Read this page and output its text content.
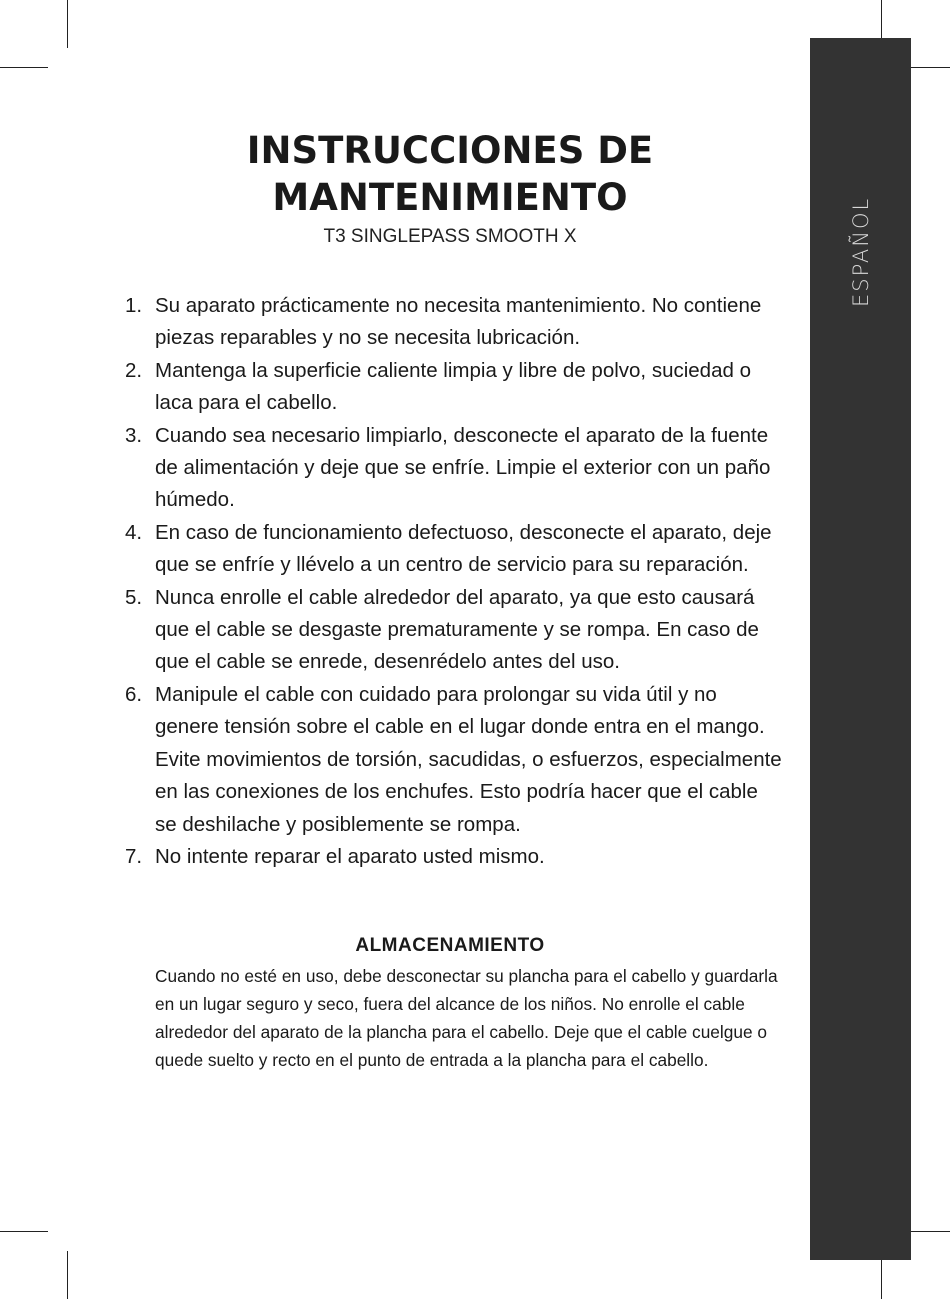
ESPAÑOL
INSTRUCCIONES DE
MANTENIMIENTO
T3 SINGLEPASS SMOOTH X
1. Su aparato prácticamente no necesita mantenimiento. No contiene piezas reparables y no se necesita lubricación.
2. Mantenga la superficie caliente limpia y libre de polvo, suciedad o laca para el cabello.
3. Cuando sea necesario limpiarlo, desconecte el aparato de la fuente de alimentación y deje que se enfríe. Limpie el exterior con un paño húmedo.
4. En caso de funcionamiento defectuoso, desconecte el aparato, deje que se enfríe y llévelo a un centro de servicio para su reparación.
5. Nunca enrolle el cable alrededor del aparato, ya que esto causará que el cable se desgaste prematuramente y se rompa. En caso de que el cable se enrede, desenrédelo antes del uso.
6. Manipule el cable con cuidado para prolongar su vida útil y no genere tensión sobre el cable en el lugar donde entra en el mango. Evite movimientos de torsión, sacudidas, o esfuerzos, especialmente en las conexiones de los enchufes. Esto podría hacer que el cable se deshilache y posiblemente se rompa.
7. No intente reparar el aparato usted mismo.
ALMACENAMIENTO

Cuando no esté en uso, debe desconectar su plancha para el cabello y guardarla en un lugar seguro y seco, fuera del alcance de los niños. No enrolle el cable alrededor del aparato de la plancha para el cabello. Deje que el cable cuelgue o quede suelto y recto en el punto de entrada a la plancha para el cabello.
